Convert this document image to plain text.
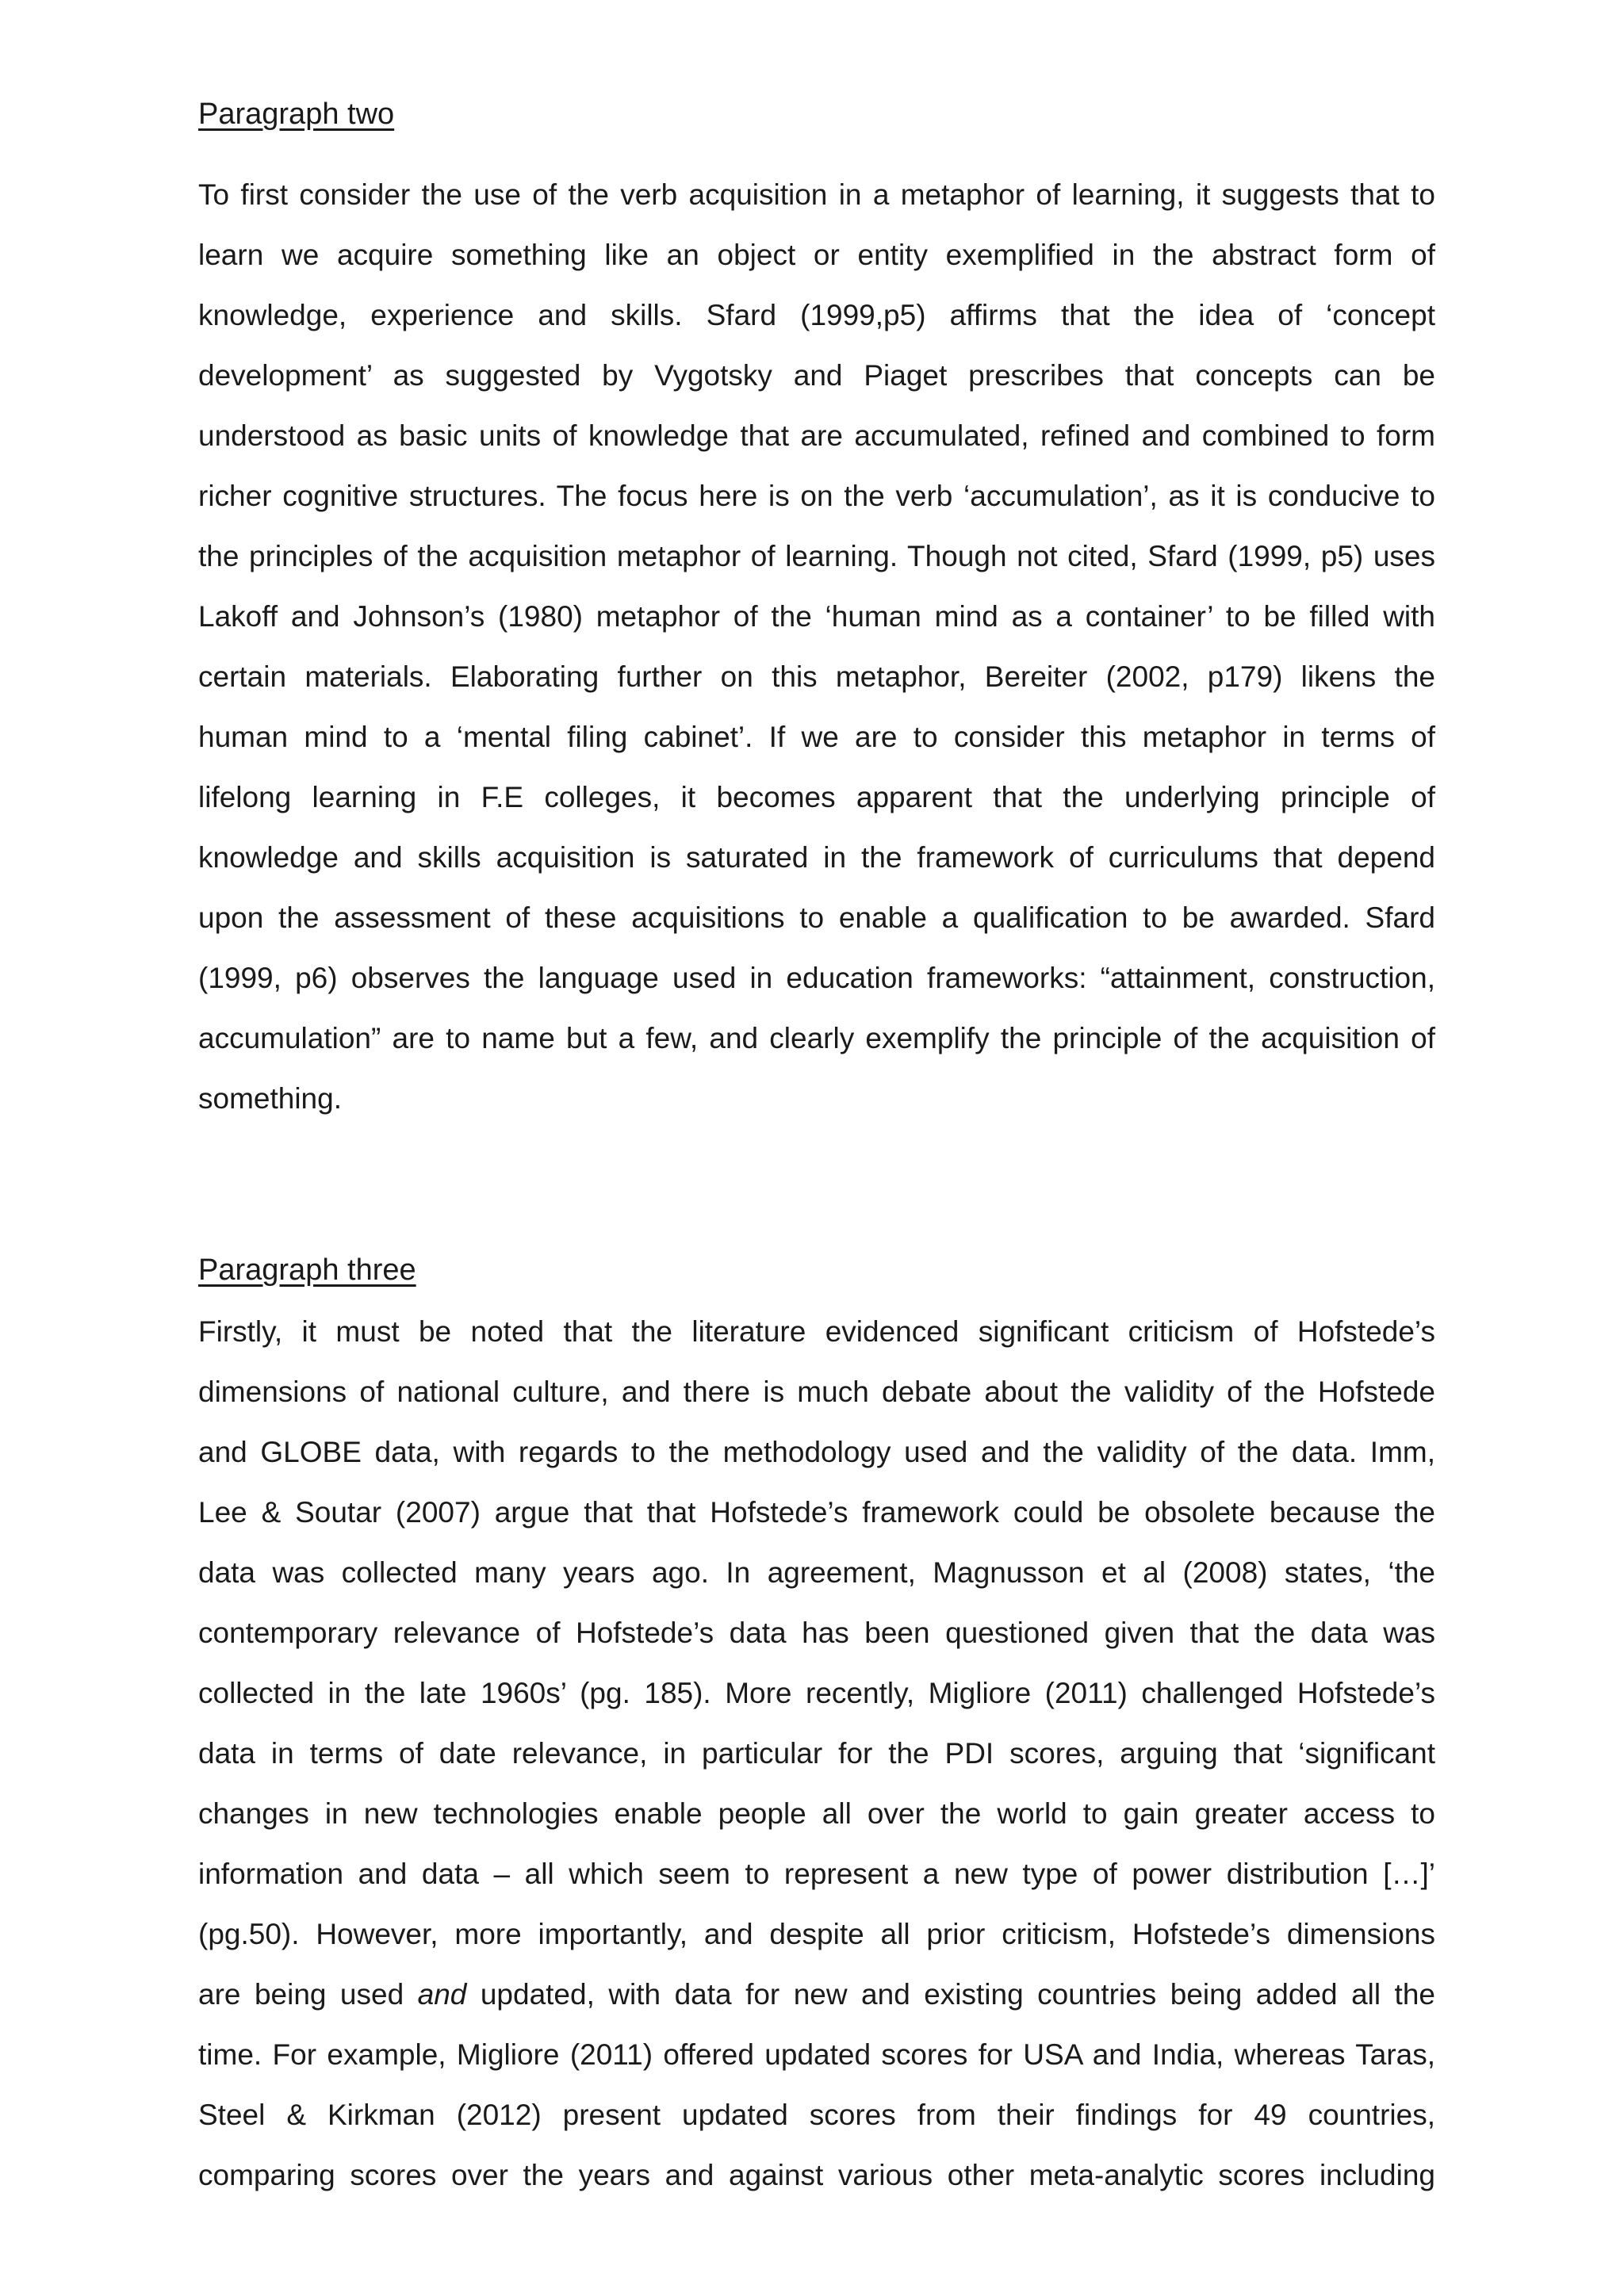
Paragraph two
To first consider the use of the verb acquisition in a metaphor of learning, it suggests that to
learn we acquire something like an object or entity exemplified in the abstract form of
knowledge, experience and skills. Sfard (1999,p5) affirms that the idea of ‘concept
development’ as suggested by Vygotsky and Piaget prescribes that concepts can be
understood as basic units of knowledge that are accumulated, refined and combined to form
richer cognitive structures. The focus here is on the verb ‘accumulation’, as it is conducive to
the principles of the acquisition metaphor of learning. Though not cited, Sfard (1999, p5) uses
Lakoff and Johnson’s (1980) metaphor of the ‘human mind as a container’ to be filled with
certain materials. Elaborating further on this metaphor, Bereiter (2002, p179) likens the
human mind to a ‘mental filing cabinet’. If we are to consider this metaphor in terms of
lifelong learning in F.E colleges, it becomes apparent that the underlying principle of
knowledge and skills acquisition is saturated in the framework of curriculums that depend
upon the assessment of these acquisitions to enable a qualification to be awarded. Sfard
(1999, p6) observes the language used in education frameworks: “attainment, construction,
accumulation” are to name but a few, and clearly exemplify the principle of the acquisition of
something.
Paragraph three
Firstly, it must be noted that the literature evidenced significant criticism of Hofstede’s
dimensions of national culture, and there is much debate about the validity of the Hofstede
and GLOBE data, with regards to the methodology used and the validity of the data. Imm,
Lee & Soutar (2007) argue that that Hofstede’s framework could be obsolete because the
data was collected many years ago. In agreement, Magnusson et al (2008) states, ‘the
contemporary relevance of Hofstede’s data has been questioned given that the data was
collected in the late 1960s’ (pg. 185). More recently, Migliore (2011) challenged Hofstede’s
data in terms of date relevance, in particular for the PDI scores, arguing that ‘significant
changes in new technologies enable people all over the world to gain greater access to
information and data – all which seem to represent a new type of power distribution […]’
(pg.50). However, more importantly, and despite all prior criticism, Hofstede’s dimensions
are being used and updated, with data for new and existing countries being added all the
time. For example, Migliore (2011) offered updated scores for USA and India, whereas Taras,
Steel & Kirkman (2012) present updated scores from their findings for 49 countries,
comparing scores over the years and against various other meta-analytic scores including
